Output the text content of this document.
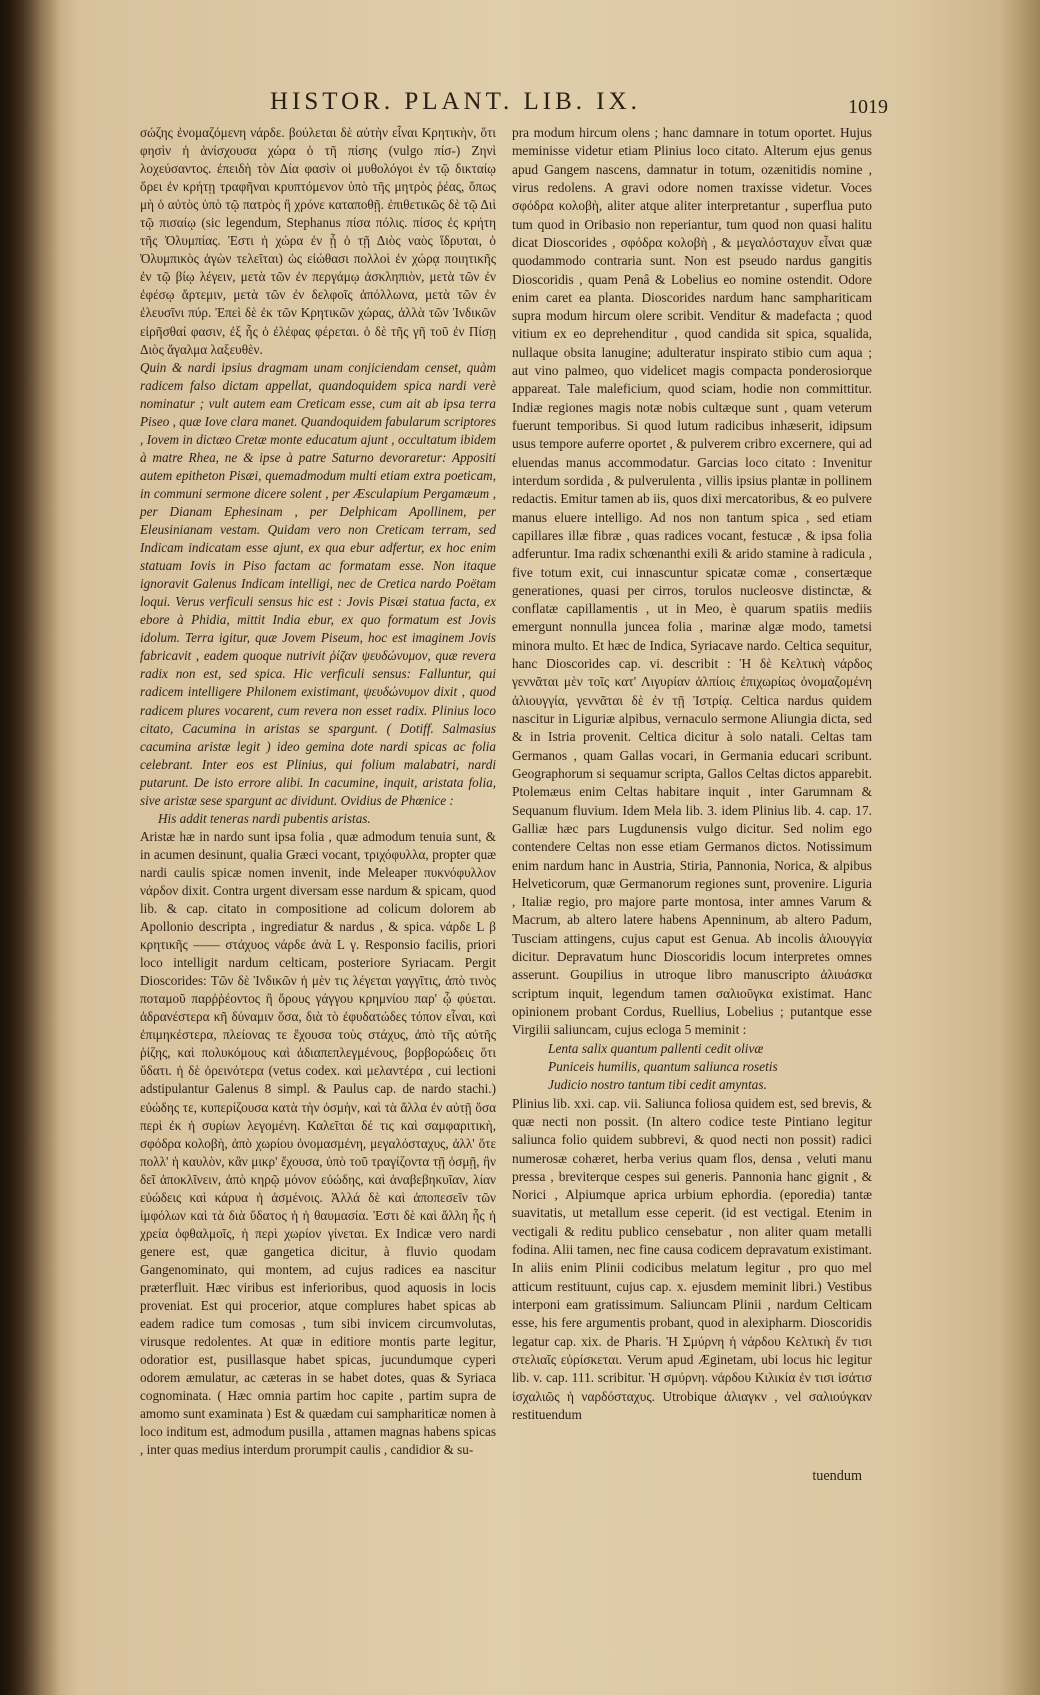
HISTOR. PLANT. LIB. IX.	1019

σώζης ἐνομαζόμενη νάρδε. βούλεται δὲ αὐτὴν εἶναι Κρητικὴν, ὅτι φησὶν ἡ ἀνίσχουσα χώρα ὁ τῆ πίσης (vulgo πίσ-) Ζηνὶ λοχεύσαντος. ἐπειδὴ τὸν Δία φασὶν οἱ μυθολόγοι ἐν τῷ δικταίῳ ὄρει ἐν κρήτῃ τραφῆναι κρυπτόμενον ὑπὸ τῆς μητρὸς ῥέας, ὅπως μὴ ὁ αὐτὸς ὑπὸ τῷ πατρὸς ἢ χρόνε καταποθῇ. ἐπιθετικῶς δὲ τῷ Διὶ τῷ πισαίῳ (sic legendum, Stephanus πίσα πόλις. πίσος ἐς κρήτη τῆς Ὀλυμπίας. Ἐστι ἡ χώρα ἐν ᾗ ὁ τῇ Διὸς ναὸς ἵδρυται, ὁ Ὀλυμπικὸς ἀγὼν τελεῖται) ὡς εἰώθασι πολλοὶ ἐν χώρᾳ ποιητικῆς ἐν τῷ βίῳ λέγειν, μετὰ τῶν ἐν περγάμῳ ἀσκληπιὸν, μετὰ τῶν ἐν ἐφέσῳ ἄρτεμιν, μετὰ τῶν ἐν δελφοῖς ἀπόλλωνα, μετὰ τῶν ἐν ἐλευσῖνι πύρ. Ἐπεὶ δὲ ἐκ τῶν Κρητικῶν χώρας, ἀλλὰ τῶν Ἰνδικῶν εἰρῆσθαί φασιν, ἐξ ἧς ὁ ἐλέφας φέρεται. ὁ δὲ τῆς γῆ τοῦ ἐν Πίσῃ Διὸς ἄγαλμα λαξευθὲν.

Quin & nardi ipsius dragmam unam conjiciendam censet, quàm radicem falso dictam appellat, quandoquidem spica nardi verè nominatur ; vult autem eam Creticam esse, cum ait ab ipsa terra Piseo , quæ Iove clara manet. Quandoquidem fabularum scriptores , Iovem in dictæo Cretæ monte educatum ajunt , occultatum ibidem à matre Rhea, ne & ipse à patre Saturno devoraretur: Appositi autem epitheton Pisæi, quemadmodum multi etiam extra poeticam, in communi sermone dicere solent , per Æsculapium Pergamæum , per Dianam Ephesinam , per Delphicam Apollinem, per Eleusinianam vestam. Quidam vero non Creticam terram, sed Indicam indicatam esse ajunt, ex qua ebur adfertur, ex hoc enim statuam Iovis in Piso factam ac formatam esse. Non itaque ignoravit Galenus Indicam intelligi, nec de Cretica nardo Poëtam loqui. Verus verficuli sensus hic est : Jovis Pisæi statua facta, ex ebore à Phidia, mittit India ebur, ex quo formatum est Jovis idolum. Terra igitur, quæ Jovem Piseum, hoc est imaginem Jovis fabricavit , eadem quoque nutrivit ῥίζαν ψευδώνυμον, quæ revera radix non est, sed spica. Hic verficuli sensus: Falluntur, qui radicem intelligere Philonem existimant, ψευδώνυμον dixit , quod radicem plures vocarent, cum revera non esset radix. Plinius loco citato, Cacumina in aristas se spargunt. ( Dotiff. Salmasius cacumina aristæ legit ) ideo gemina dote nardi spicas ac folia celebrant. Inter eos est Plinius, qui folium malabatri, nardi putarunt. De isto errore alibi. In cacumine, inquit, aristata folia, sive aristæ sese spargunt ac dividunt. Ovidius de Phœnice :

His addit teneras nardi pubentis aristas.

Aristæ hæ in nardo sunt ipsa folia , quæ admodum tenuia sunt, & in acumen desinunt, qualia Græci vocant, τριχόφυλλα, propter quæ nardi caulis spicæ nomen invenit, inde Meleaper πυκνόφυλλον νάρδον dixit. Contra urgent diversam esse nardum & spicam, quod lib. & cap. citato in compositione ad colicum dolorem ab Apollonio descripta , ingrediatur & nardus , & spica. νάρδε L β κρητικῆς —— στάχυος νάρδε ἀνὰ L γ. Responsio facilis, priori loco intelligit nardum celticam, posteriore Syriacam. Pergit Dioscorides: Τῶν δὲ Ἰνδικῶν ἡ μὲν τις λέγεται γαγγῖτις, ἀπὸ τινὸς ποταμοῦ παρῤῥέοντος ἢ ὄρους γάγγου κρημνίου παρ' ᾧ φύεται. ἀδρανέστερα κῆ δύναμιν ὅσα, διὰ τὸ ἐφυδατώδες τόπον εἶναι, καὶ ἐπιμηκέστερα, πλείονας τε ἔχουσα τοὺς στάχυς, ἀπὸ τῆς αὐτῆς ῥίζης, καὶ πολυκόμους καὶ ἀδιαπεπλεγμένους, βορβορώδεις ὅτι ὕδατι. ἡ δὲ ὀρεινότερα (vetus codex. καὶ μελαντέρα , cui lectioni adstipulantur Galenus 8 simpl. & Paulus cap. de nardo stachi.) εὐώδης τε, κυπερίζουσα κατὰ τὴν ὀσμὴν, καὶ τὰ ἄλλα ἐν αὐτῇ ὅσα περὶ ἐκ ἡ συρίων λεγομένη. Καλεῖται δέ τις καὶ σαμφαριτικὴ, σφόδρα κολοβὴ, ἀπὸ χωρίου ὀνομασμένη, μεγαλόσταχυς, ἀλλ' ὅτε πολλ' ἡ καυλὸν, κἂν μικρ' ἔχουσα, ὑπὸ τοῦ τραγίζοντα τῇ ὀσμῇ, ἣν δεῖ ἀποκλῖνειν, ἀπὸ κηρῷ μόνον εὐώδης, καὶ ἀναβεβηκυῖαν, λίαν εὐώδεις καὶ κάρυα ἡ ἀσμένοις. Ἀλλά δὲ καὶ ἀποπεσεῖν τῶν ἰμφόλων καὶ τὰ διὰ ὕδατος ἡ ἡ θαυμασία. Ἐστι δὲ καὶ ἄλλη ἧς ἡ χρεία ὀφθαλμοῖς, ἡ περὶ χωρίον γίνεται. Ex Indicæ vero nardi genere est, quæ gangetica dicitur, à fluvio quodam Gangenominato, qui montem, ad cujus radices ea nascitur præterfluit. Hæc viribus est inferioribus, quod aquosis in locis proveniat. Est qui procerior, atque complures habet spicas ab eadem radice tum comosas , tum sibi invicem circumvolutas, virusque redolentes. At quæ in editiore montis parte legitur, odoratior est, pusillasque habet spicas, jucundumque cyperi odorem æmulatur, ac cæteras in se habet dotes, quas & Syriaca cognominata. ( Hæc omnia partim hoc capite , partim supra de amomo sunt examinata ) Est & quædam cui samphariticæ nomen à loco inditum est, admodum pusilla , attamen magnas habens spicas , inter quas medius interdum prorumpit caulis , candidior & su-

pra modum hircum olens ; hanc damnare in totum oportet. Hujus meminisse videtur etiam Plinius loco citato. Alterum ejus genus apud Gangem nascens, damnatur in totum, ozænitidis nomine , virus redolens. A gravi odore nomen traxisse videtur. Voces σφόδρα κολοβὴ, aliter atque aliter interpretantur , superflua puto tum quod in Oribasio non reperiantur, tum quod non quasi halitu dicat Dioscorides , σφόδρα κολοβὴ , & μεγαλόσταχυν εἶναι quæ quodammodo contraria sunt. Non est pseudo nardus gangitis Dioscoridis , quam Penâ & Lobelius eo nomine ostendit. Odore enim caret ea planta. Dioscorides nardum hanc samphariticam supra modum hircum olere scribit. Venditur & madefacta ; quod vitium ex eo deprehenditur , quod candida sit spica, squalida, nullaque obsita lanugine; adulteratur inspirato stibio cum aqua ; aut vino palmeo, quo videlicet magis compacta ponderosiorque appareat. Tale maleficium, quod sciam, hodie non committitur. Indiæ regiones magis notæ nobis cultæque sunt , quam veterum fuerunt temporibus. Si quod lutum radicibus inhæserit, idipsum usus tempore auferre oportet , & pulverem cribro excernere, qui ad eluendas manus accommodatur. Garcias loco citato : Invenitur interdum sordida , & pulverulenta , villis ipsius plantæ in pollinem redactis. Emitur tamen ab iis, quos dixi mercatoribus, & eo pulvere manus eluere intelligo. Ad nos non tantum spica , sed etiam capillares illæ fibræ , quas radices vocant, festucæ , & ipsa folia adferuntur. Ima radix schœnanthi exili & arido stamine à radicula , five totum exit, cui innascuntur spicatæ comæ , consertæque generationes, quasi per cirros, torulos nucleosve distinctæ, & conflatæ capillamentis , ut in Meo, è quarum spatiis mediis emergunt nonnulla juncea folia , marinæ algæ modo, tametsi minora multo. Et hæc de Indica, Syriacave nardo. Celtica sequitur, hanc Dioscorides cap. vi. describit : Ἡ δὲ Κελτικὴ νάρδος γεννᾶται μὲν τοῖς κατ' Λιγυρίαν ἀλπίοις ἐπιχωρίως ὀνομαζομένη ἀλιουγγία, γεννᾶται δὲ ἐν τῇ Ἰστρίᾳ. Celtica nardus quidem nascitur in Liguriæ alpibus, vernaculo sermone Aliungia dicta, sed & in Istria provenit. Celtica dicitur à solo natali. Celtas tam Germanos , quam Gallas vocari, in Germania educari scribunt. Geographorum si sequamur scripta, Gallos Celtas dictos apparebit. Ptolemæus enim Celtas habitare inquit , inter Garumnam & Sequanum fluvium. Idem Mela lib. 3. idem Plinius lib. 4. cap. 17. Galliæ hæc pars Lugdunensis vulgo dicitur. Sed nolim ego contendere Celtas non esse etiam Germanos dictos. Notissimum enim nardum hanc in Austria, Stiria, Pannonia, Norica, & alpibus Helveticorum, quæ Germanorum regiones sunt, provenire. Liguria , Italiæ regio, pro majore parte montosa, inter amnes Varum & Macrum, ab altero latere habens Apenninum, ab altero Padum, Tusciam attingens, cujus caput est Genua. Ab incolis ἀλιουγγία dicitur. Depravatum hunc Dioscoridis locum interpretes omnes asserunt. Goupilius in utroque libro manuscripto ἀλιυάσκα scriptum inquit, legendum tamen σαλιοῦγκα existimat. Hanc opinionem probant Cordus, Ruellius, Lobelius ; putantque esse Virgilii saliuncam, cujus ecloga 5 meminit :

Lenta salix quantum pallenti cedit olivæ

Puniceis humilis, quantum saliunca rosetis

Judicio nostro tantum tibi cedit amyntas.

Plinius lib. xxi. cap. vii. Saliunca foliosa quidem est, sed brevis, & quæ necti non possit. (In altero codice teste Pintiano legitur saliunca folio quidem subbrevi, & quod necti non possit) radici numerosæ cohæret, herba verius quam flos, densa , veluti manu pressa , breviterque cespes sui generis. Pannonia hanc gignit , & Norici , Alpiumque aprica urbium ephordia. (eporedia) tantæ suavitatis, ut metallum esse ceperit. (id est vectigal. Etenim in vectigali & reditu publico censebatur , non aliter quam metalli fodina. Alii tamen, nec fine causa codicem depravatum existimant. In aliis enim Plinii codicibus melatum legitur , pro quo mel atticum restituunt, cujus cap. x. ejusdem meminit libri.) Vestibus interponi eam gratissimum. Saliuncam Plinii , nardum Celticam esse, his fere argumentis probant, quod in alexipharm. Dioscoridis legatur cap. xix. de Pharis. Ἡ Σμύρνη ἡ νάρδου Κελτικὴ ἔν τισι στελιαῖς εὑρίσκεται. Verum apud Æginetam, ubi locus hic legitur lib. v. cap. 111. scribitur. Ἡ σμύρνη. νάρδου Κιλικία ἐν τισι ἰσάτισ ἰσχαλιῶς ἡ ναρδόσταχυς. Utrobique ἀλιαγκν , vel σαλιούγκαν restituendum

tuendum
